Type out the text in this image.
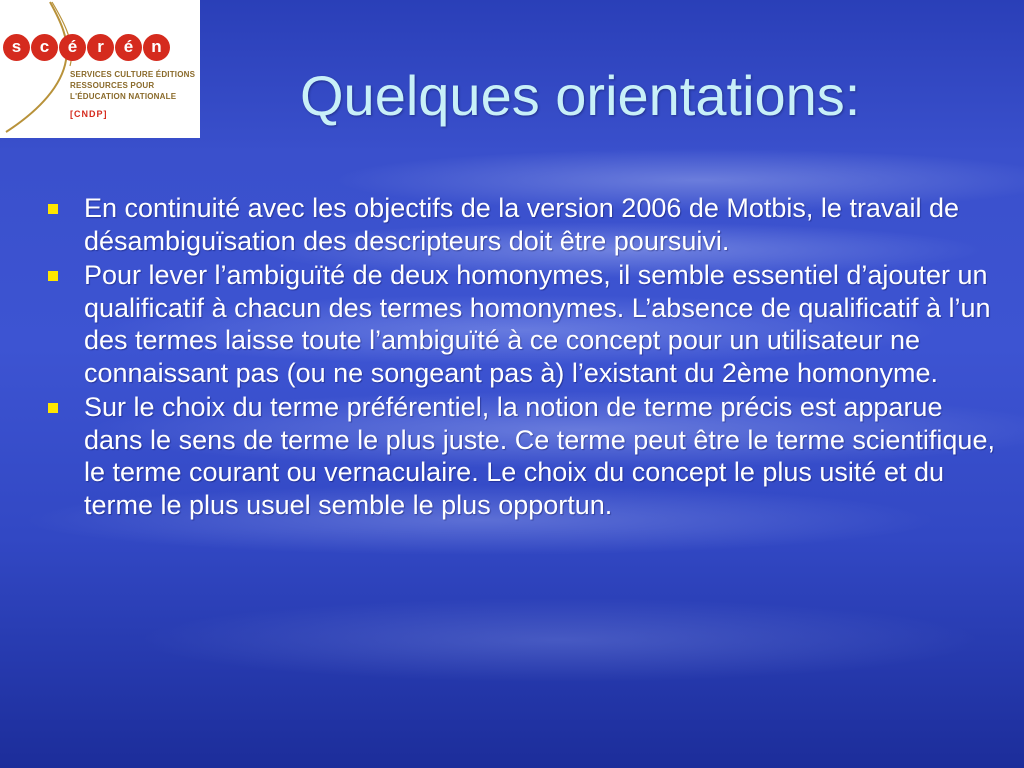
s	c	é	r	é	n
SERVICES CULTURE ÉDITIONS
RESSOURCES POUR
L'ÉDUCATION NATIONALE
[CNDP]	Quelques orientations:
En continuité avec les objectifs de la version 2006 de Motbis, le travail de désambiguïsation des descripteurs doit être poursuivi.
Pour lever l’ambiguïté de deux homonymes, il semble essentiel d’ajouter un qualificatif à chacun des termes homonymes. L’absence de qualificatif à l’un des termes laisse toute l’ambiguïté à ce concept pour un utilisateur ne connaissant pas (ou ne songeant pas à) l’existant du 2ème homonyme.
Sur le choix du terme préférentiel, la notion de terme précis est apparue dans le sens de terme le plus juste. Ce terme peut être le terme scientifique, le terme courant ou vernaculaire. Le choix du concept le plus usité et du terme le plus usuel semble le plus opportun.
